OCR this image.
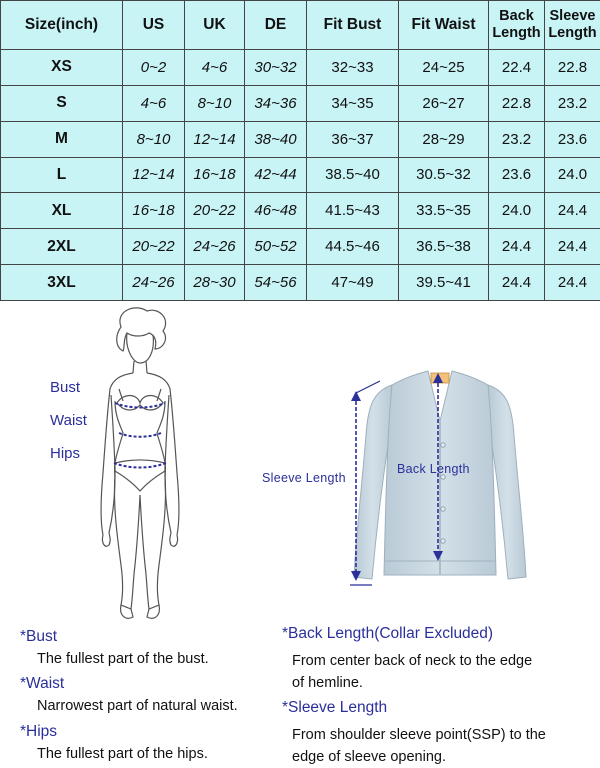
Size(inch)	US	UK	DE	Fit Bust	Fit Waist	Back Length	Sleeve Length
XS	0~2	4~6	30~32	32~33	24~25	22.4	22.8
S	4~6	8~10	34~36	34~35	26~27	22.8	23.2
M	8~10	12~14	38~40	36~37	28~29	23.2	23.6
L	12~14	16~18	42~44	38.5~40	30.5~32	23.6	24.0
XL	16~18	20~22	46~48	41.5~43	33.5~35	24.0	24.4
2XL	20~22	24~26	50~52	44.5~46	36.5~38	24.4	24.4
3XL	24~26	28~30	54~56	47~49	39.5~41	24.4	24.4
Bust
Waist
Hips
Sleeve Length
Back Length
*Bust
The fullest part of the bust.
*Waist
Narrowest part of natural waist.
*Hips
The fullest part of the hips.
*Back Length(Collar Excluded)
From center back of neck to the edge
of hemline.
*Sleeve Length
From shoulder sleeve point(SSP) to the
edge of sleeve opening.
